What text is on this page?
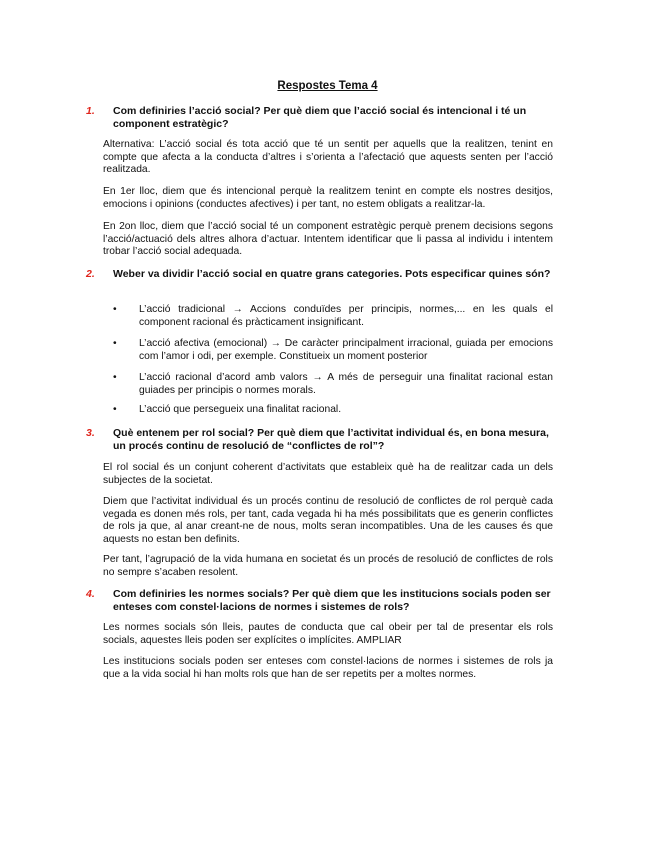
Respostes Tema 4
1. Com definiries l’acció social? Per què diem que l’acció social és intencional i té un component estratègic?
Alternativa: L’acció social és tota acció que té un sentit per aquells que la realitzen, tenint en compte que afecta a la conducta d’altres i s’orienta a l’afectació que aquests senten per l’acció realitzada.
En 1er lloc, diem que és intencional perquè la realitzem tenint en compte els nostres desitjos, emocions i opinions (conductes afectives) i per tant, no estem obligats a realitzar-la.
En 2on lloc, diem que l’acció social té un component estratègic perquè prenem decisions segons l’acció/actuació dels altres alhora d’actuar. Intentem identificar que li passa al individu i intentem trobar l’acció social adequada.
2. Weber va dividir l’acció social en quatre grans categories. Pots especificar quines són?
• L’acció tradicional → Accions conduïdes per principis, normes,... en les quals el component racional és pràcticament insignificant.
• L’acció afectiva (emocional) → De caràcter principalment irracional, guiada per emocions com l’amor i odi, per exemple. Constitueix un moment posterior
• L’acció racional d’acord amb valors → A més de perseguir una finalitat racional estan guiades per principis o normes morals.
• L’acció que persegueix una finalitat racional.
3. Què entenem per rol social? Per què diem que l’activitat individual és, en bona mesura, un procés continu de resolució de “conflictes de rol”?
El rol social és un conjunt coherent d’activitats que estableix què ha de realitzar cada un dels subjectes de la societat.
Diem que l’activitat individual és un procés continu de resolució de conflictes de rol perquè cada vegada es donen més rols, per tant, cada vegada hi ha més possibilitats que es generin conflictes de rols ja que, al anar creant-ne de nous, molts seran incompatibles. Una de les causes és que aquests no estan ben definits.
Per tant, l’agrupació de la vida humana en societat és un procés de resolució de conflictes de rols no sempre s’acaben resolent.
4. Com definiries les normes socials? Per què diem que les institucions socials poden ser enteses com constel·lacions de normes i sistemes de rols?
Les normes socials són lleis, pautes de conducta que cal obeir per tal de presentar els rols socials, aquestes lleis poden ser explícites o implícites. AMPLIAR
Les institucions socials poden ser enteses com constel·lacions de normes i sistemes de rols ja que a la vida social hi han molts rols que han de ser repetits per a moltes normes.
